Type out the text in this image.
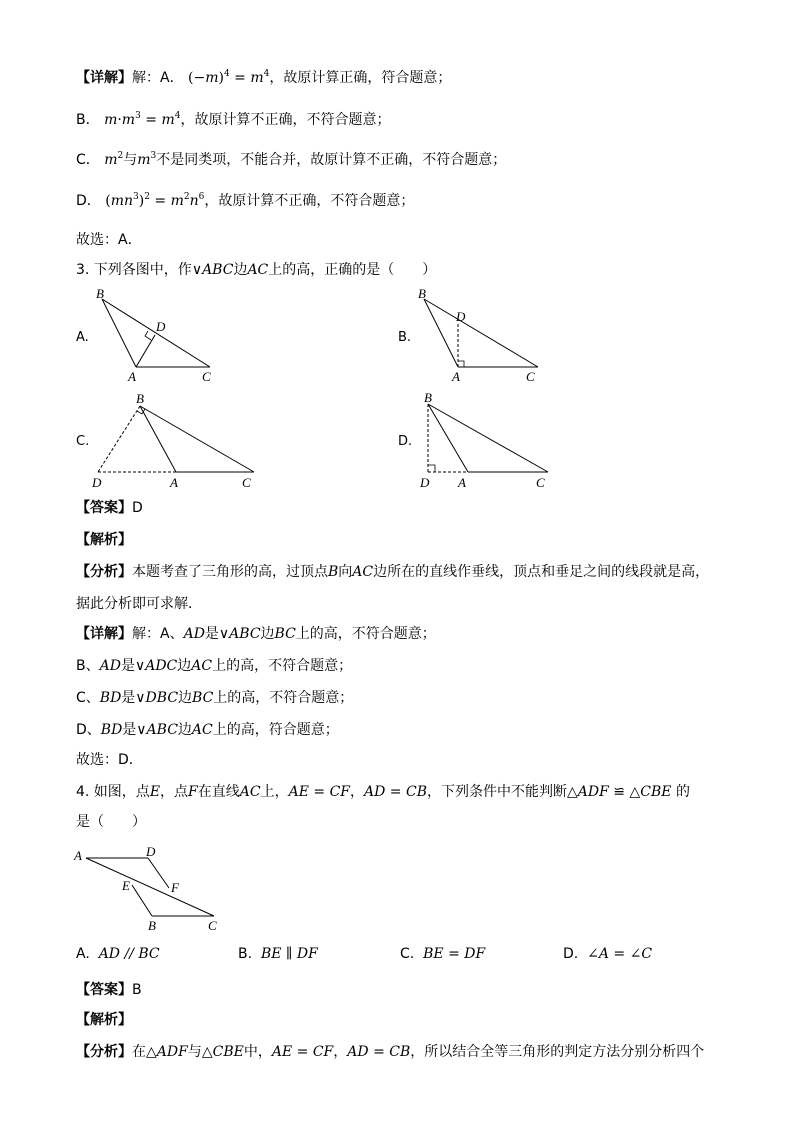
【详解】解：A． $(-m)^4 = m^4$，故原计算正确，符合题意；
B． $m\cdot m^3 = m^4$，故原计算不正确，不符合题意；
C． $m^2$与$m^3$不是同类项，不能合并，故原计算不正确，不符合题意；
D． $(mn^3)^2 = m^2n^6$，故原计算不正确，不符合题意；
故选：A．
3. 下列各图中，作∨ABC边AC上的高，正确的是（　　）
A.	B.
C.	D.
B
D
A	C
B
D
A	C
B
D	A	C
B
D A	C
【答案】D
【解析】
【分析】本题考查了三角形的高，过顶点B向AC边所在的直线作垂线，顶点和垂足之间的线段就是高，
据此分析即可求解．
【详解】解：A、AD是∨ABC边BC上的高，不符合题意；
B、AD是∨ADC边AC上的高，不符合题意；
C、BD是∨DBC边BC上的高，不符合题意；
D、BD是∨ABC边AC上的高，符合题意；
故选：D．
4. 如图，点E，点F在直线AC上，AE = CF，AD = CB，下列条件中不能判断△ADF ≌ △CBE 的
是（　　）
A	D
E	F
B	C
A. AD // BC	B. BE ∥ DF	C. BE = DF	D. ∠A = ∠C
【答案】B
【解析】
【分析】在△ADF与△CBE中，AE = CF，AD = CB，所以结合全等三角形的判定方法分别分析四个
